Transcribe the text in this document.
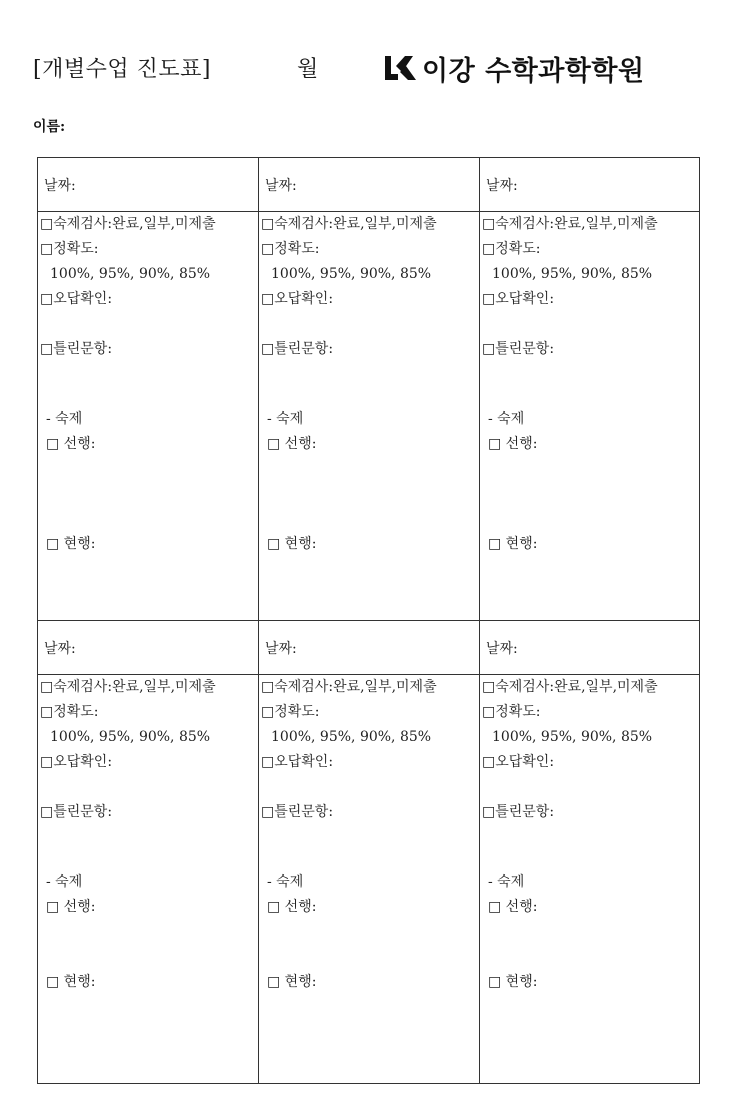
[개별수업 진도표]	월	이강 수학과학학원
이름:
날짜:
□숙제검사:완료,일부,미제출
□정확도:
100%, 95%, 90%, 85%
□오답확인:
□틀린문항:
- 숙제
□ 선행:
□ 현행:
날짜:
□숙제검사:완료,일부,미제출
□정확도:
100%, 95%, 90%, 85%
□오답확인:
□틀린문항:
- 숙제
□ 선행:
□ 현행:
날짜:
□숙제검사:완료,일부,미제출
□정확도:
100%, 95%, 90%, 85%
□오답확인:
□틀린문항:
- 숙제
□ 선행:
□ 현행:
날짜:
□숙제검사:완료,일부,미제출
□정확도:
100%, 95%, 90%, 85%
□오답확인:
□틀린문항:
- 숙제
□ 선행:
□ 현행:
날짜:
□숙제검사:완료,일부,미제출
□정확도:
100%, 95%, 90%, 85%
□오답확인:
□틀린문항:
- 숙제
□ 선행:
□ 현행:
날짜:
□숙제검사:완료,일부,미제출
□정확도:
100%, 95%, 90%, 85%
□오답확인:
□틀린문항:
- 숙제
□ 선행:
□ 현행:
